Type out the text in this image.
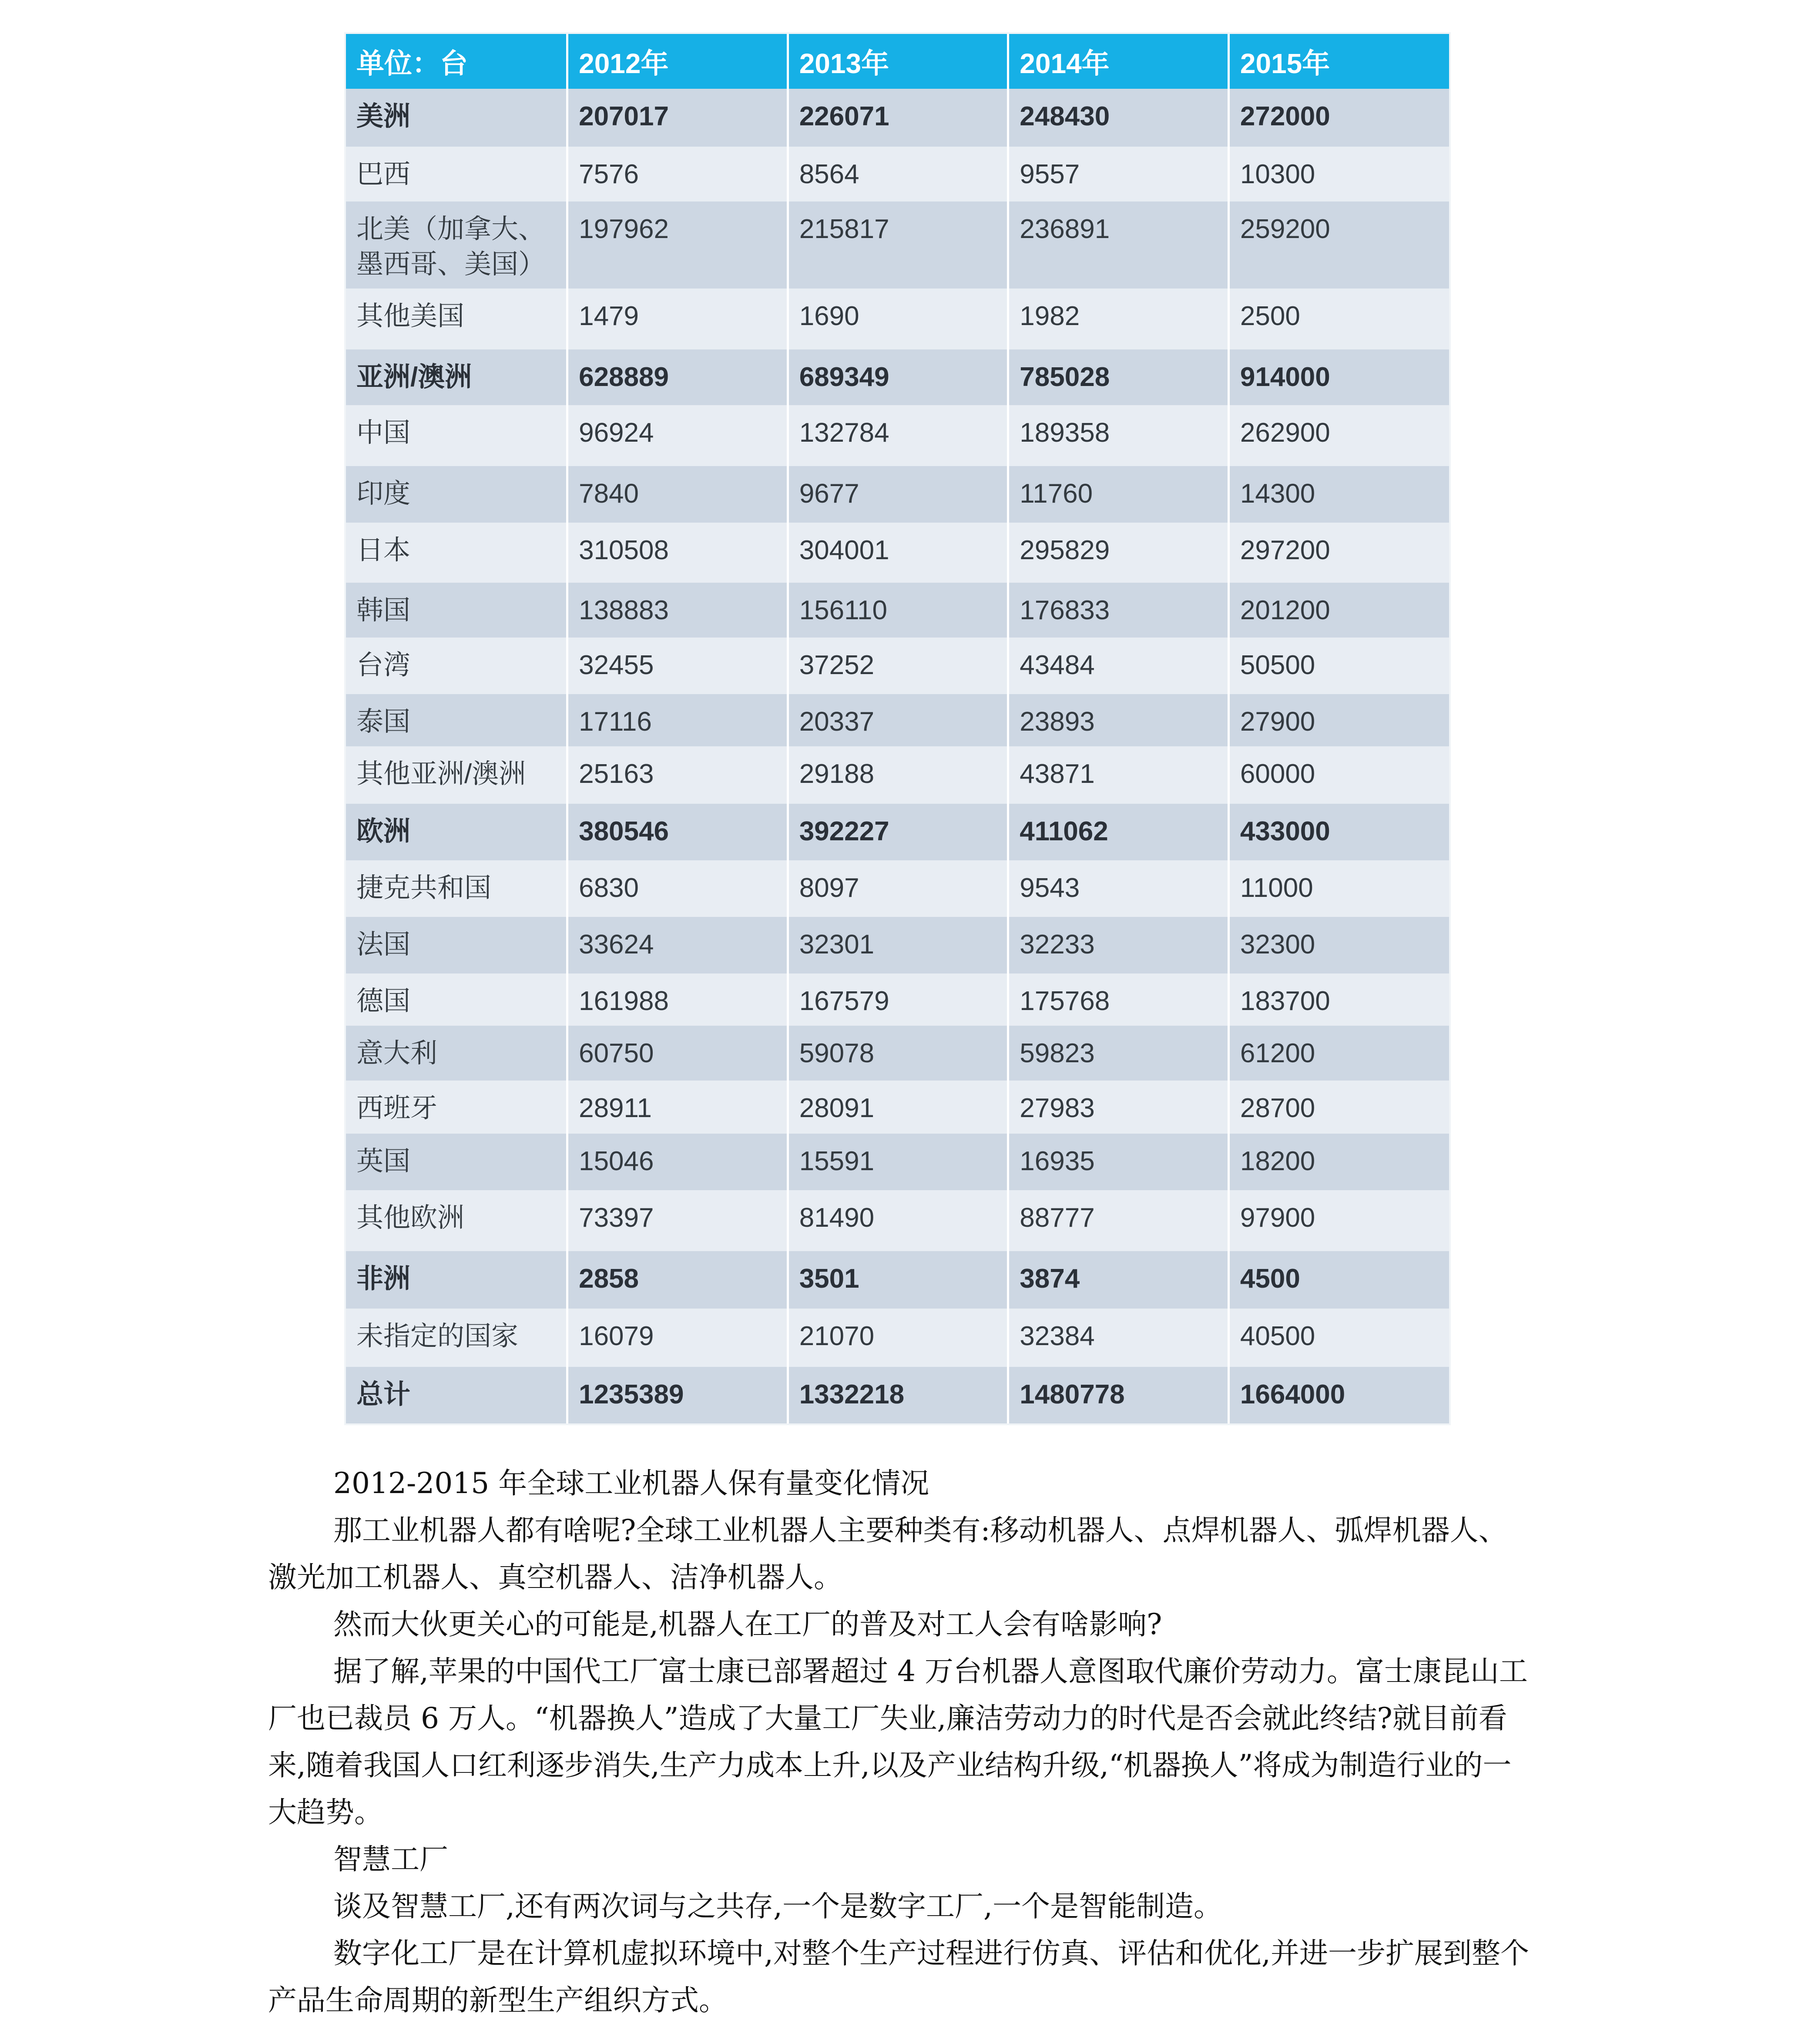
单位：台	2012年	2013年	2014年	2015年
美洲	207017	226071	248430	272000
巴西	7576	8564	9557	10300
北美（加拿大、墨西哥、美国）	197962	215817	236891	259200
其他美国	1479	1690	1982	2500
亚洲/澳洲	628889	689349	785028	914000
中国	96924	132784	189358	262900
印度	7840	9677	11760	14300
日本	310508	304001	295829	297200
韩国	138883	156110	176833	201200
台湾	32455	37252	43484	50500
泰国	17116	20337	23893	27900
其他亚洲/澳洲	25163	29188	43871	60000
欧洲	380546	392227	411062	433000
捷克共和国	6830	8097	9543	11000
法国	33624	32301	32233	32300
德国	161988	167579	175768	183700
意大利	60750	59078	59823	61200
西班牙	28911	28091	27983	28700
英国	15046	15591	16935	18200
其他欧洲	73397	81490	88777	97900
非洲	2858	3501	3874	4500
未指定的国家	16079	21070	32384	40500
总计	1235389	1332218	1480778	1664000

2012-2015 年全球工业机器人保有量变化情况

那工业机器人都有啥呢?全球工业机器人主要种类有:移动机器人、点焊机器人、弧焊机器人、激光加工机器人、真空机器人、洁净机器人。

然而大伙更关心的可能是,机器人在工厂的普及对工人会有啥影响?

据了解,苹果的中国代工厂富士康已部署超过 4 万台机器人意图取代廉价劳动力。富士康昆山工厂也已裁员 6 万人。“机器换人”造成了大量工厂失业,廉洁劳动力的时代是否会就此终结?就目前看来,随着我国人口红利逐步消失,生产力成本上升,以及产业结构升级,“机器换人”将成为制造行业的一大趋势。

智慧工厂

谈及智慧工厂,还有两次词与之共存,一个是数字工厂,一个是智能制造。

数字化工厂是在计算机虚拟环境中,对整个生产过程进行仿真、评估和优化,并进一步扩展到整个产品生命周期的新型生产组织方式。
